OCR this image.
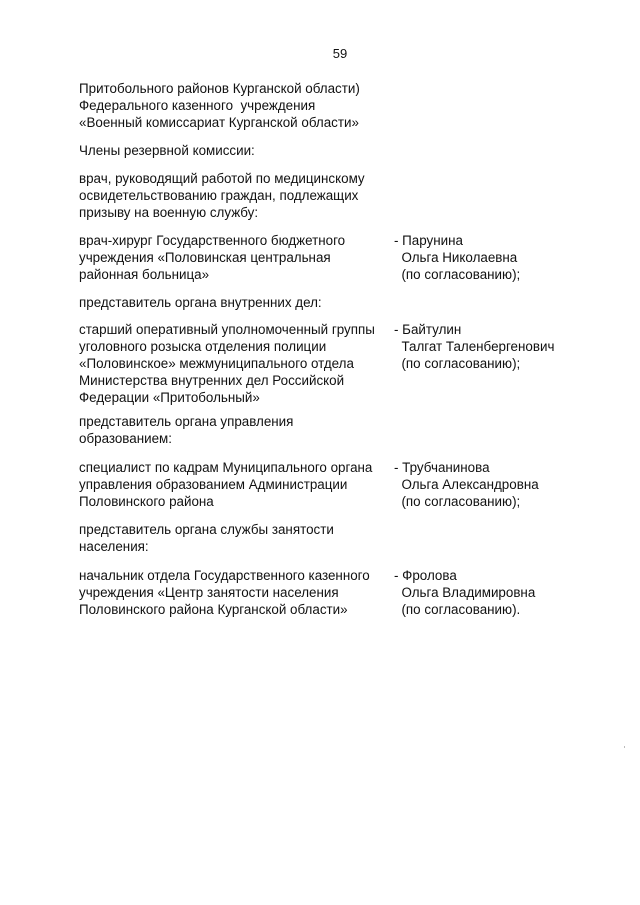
59
Притобольного районов Курганской области)
Федерального казенного  учреждения
«Военный комиссариат Курганской области»
Члены резервной комиссии:
врач, руководящий работой по медицинскому
освидетельствованию граждан, подлежащих
призыву на военную службу:
врач-хирург Государственного бюджетного
учреждения «Половинская центральная
районная больница»
- Парунина
Ольга Николаевна
(по согласованию);
представитель органа внутренних дел:
старший оперативный уполномоченный группы
уголовного розыска отделения полиции
«Половинское» межмуниципального отдела
Министерства внутренних дел Российской
Федерации «Притобольный»
- Байтулин
Талгат Таленбергенович
(по согласованию);
представитель органа управления
образованием:
специалист по кадрам Муниципального органа
управления образованием Администрации
Половинского района
- Трубчанинова
Ольга Александровна
(по согласованию);
представитель органа службы занятости
населения:
начальник отдела Государственного казенного
учреждения «Центр занятости населения
Половинского района Курганской области»
- Фролова
Ольга Владимировна
(по согласованию).
